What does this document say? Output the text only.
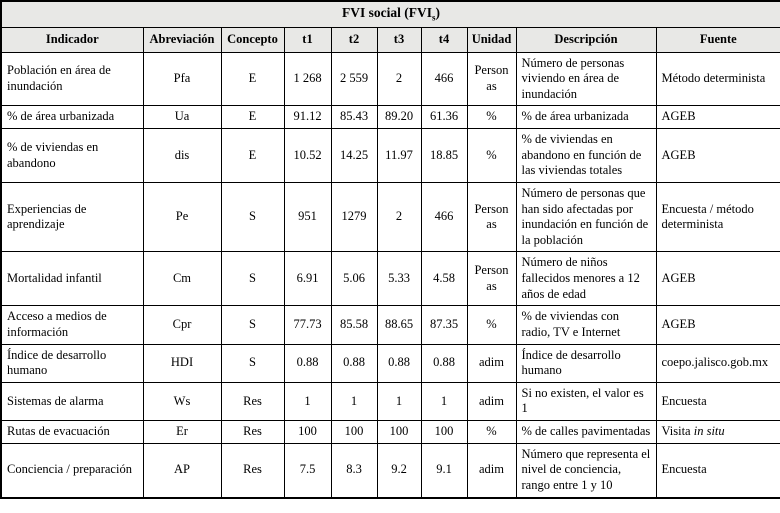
FVI social $(FVI_s)$									
Indicador	Abreviación	Concepto	t1	t2	t3	t4	Unidad	Descripción	Fuente
Población en área de inundación	Pfa	E	1 268	2 559	2	466	Personas	Número de personas viviendo en área de inundación	Método determinista
% de área urbanizada	Ua	E	91.12	85.43	89.20	61.36	%	% de área urbanizada	AGEB
% de viviendas en abandono	dis	E	10.52	14.25	11.97	18.85	%	% de viviendas en abandono en función de las viviendas totales	AGEB
Experiencias de aprendizaje	Pe	S	951	1279	2	466	Personas	Número de personas que han sido afectadas por inundación en función de la población	Encuesta / método determinista
Mortalidad infantil	Cm	S	6.91	5.06	5.33	4.58	Personas	Número de niños fallecidos menores a 12 años de edad	AGEB
Acceso a medios de información	Cpr	S	77.73	85.58	88.65	87.35	%	% de viviendas con radio, TV e Internet	AGEB
Índice de desarrollo humano	HDI	S	0.88	0.88	0.88	0.88	adim	Índice de desarrollo humano	coepo.jalisco.gob.mx
Sistemas de alarma	Ws	Res	1	1	1	1	adim	Si no existen, el valor es 1	Encuesta
Rutas de evacuación	Er	Res	100	100	100	100	%	% de calles pavimentadas	Visita in situ
Conciencia / preparación	AP	Res	7.5	8.3	9.2	9.1	adim	Número que representa el nivel de conciencia, rango entre 1 y 10	Encuesta
